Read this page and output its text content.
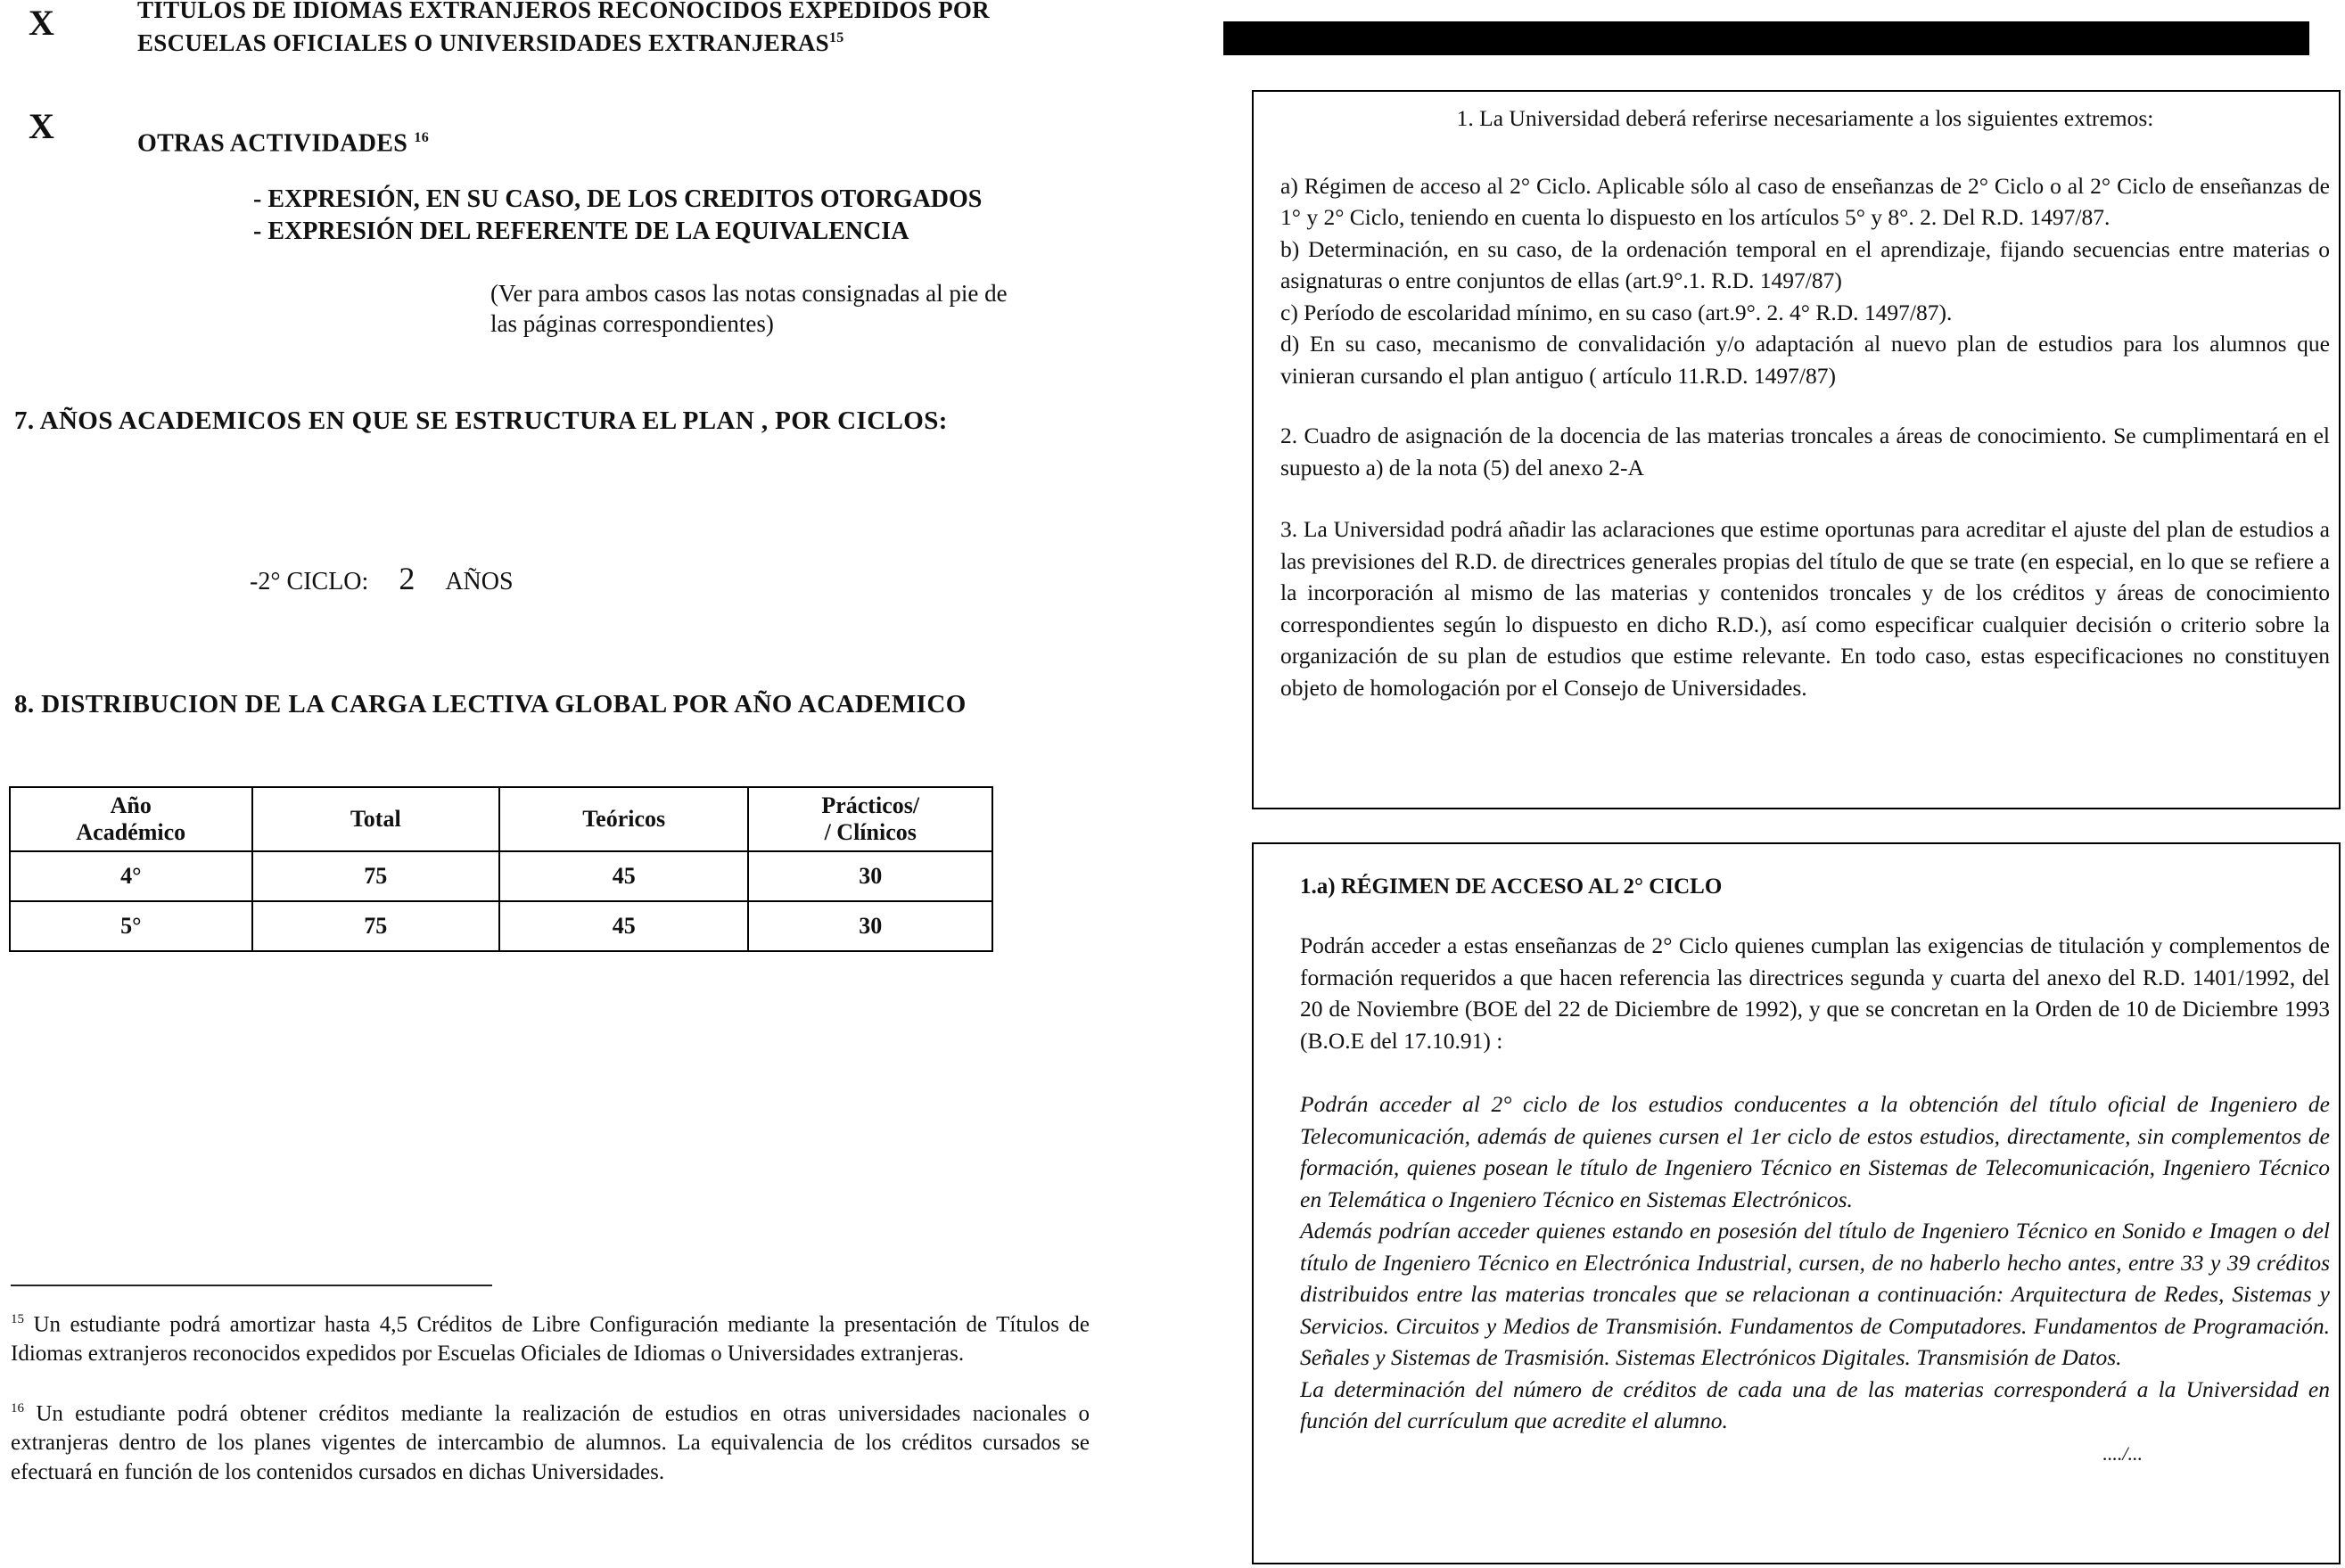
X	TITULOS DE IDIOMAS EXTRANJEROS RECONOCIDOS EXPEDIDOS POR
ESCUELAS OFICIALES O UNIVERSIDADES EXTRANJERAS$^{15}$
X	OTRAS ACTIVIDADES $^{16}$
- EXPRESIÓN, EN SU CASO, DE LOS CREDITOS OTORGADOS
- EXPRESIÓN DEL REFERENTE DE LA EQUIVALENCIA
(Ver para ambos casos las notas consignadas al pie de
las páginas correspondientes)
7. AÑOS ACADEMICOS EN QUE SE ESTRUCTURA EL PLAN , POR CICLOS:
-2° CICLO: 2 AÑOS
8. DISTRIBUCION DE LA CARGA LECTIVA GLOBAL POR AÑO ACADEMICO
Año
Académico	Total	Teóricos	Prácticos/
/ Clínicos
4°	75	45	30
5°	75	45	30
$^{15}$ Un estudiante podrá amortizar hasta 4,5 Créditos de Libre Configuración mediante la presentación de Títulos de Idiomas extranjeros reconocidos expedidos por Escuelas Oficiales de Idiomas o Universidades extranjeras.
$^{16}$ Un estudiante podrá obtener créditos mediante la realización de estudios en otras universidades nacionales o extranjeras dentro de los planes vigentes de intercambio de alumnos. La equivalencia de los créditos cursados se efectuará en función de los contenidos cursados en dichas Universidades.

1. La Universidad deberá referirse necesariamente a los siguientes extremos:

a) Régimen de acceso al 2° Ciclo. Aplicable sólo al caso de enseñanzas de 2° Ciclo o al 2° Ciclo de enseñanzas de 1° y 2° Ciclo, teniendo en cuenta lo dispuesto en los artículos 5° y 8°. 2. Del R.D. 1497/87.

b) Determinación, en su caso, de la ordenación temporal en el aprendizaje, fijando secuencias entre materias o asignaturas o entre conjuntos de ellas (art.9°.1. R.D. 1497/87)

c) Período de escolaridad mínimo, en su caso (art.9°. 2. 4° R.D. 1497/87).

d) En su caso, mecanismo de convalidación y/o adaptación al nuevo plan de estudios para los alumnos que vinieran cursando el plan antiguo ( artículo 11.R.D. 1497/87)

2. Cuadro de asignación de la docencia de las materias troncales a áreas de conocimiento. Se cumplimentará en el supuesto a) de la nota (5) del anexo 2-A

3. La Universidad podrá añadir las aclaraciones que estime oportunas para acreditar el ajuste del plan de estudios a las previsiones del R.D. de directrices generales propias del título de que se trate (en especial, en lo que se refiere a la incorporación al mismo de las materias y contenidos troncales y de los créditos y áreas de conocimiento correspondientes según lo dispuesto en dicho R.D.), así como especificar cualquier decisión o criterio sobre la organización de su plan de estudios que estime relevante. En todo caso, estas especificaciones no constituyen objeto de homologación por el Consejo de Universidades.

1.a) RÉGIMEN DE ACCESO AL 2° CICLO

Podrán acceder a estas enseñanzas de 2° Ciclo quienes cumplan las exigencias de titulación y complementos de formación requeridos a que hacen referencia las directrices segunda y cuarta del anexo del R.D. 1401/1992, del 20 de Noviembre (BOE del 22 de Diciembre de 1992), y que se concretan en la Orden de 10 de Diciembre 1993 (B.O.E del 17.10.91) :

Podrán acceder al 2° ciclo de los estudios conducentes a la obtención del título oficial de Ingeniero de Telecomunicación, además de quienes cursen el 1er ciclo de estos estudios, directamente, sin complementos de formación, quienes posean le título de Ingeniero Técnico en Sistemas de Telecomunicación, Ingeniero Técnico en Telemática o Ingeniero Técnico en Sistemas Electrónicos.

Además podrían acceder quienes estando en posesión del título de Ingeniero Técnico en Sonido e Imagen o del título de Ingeniero Técnico en Electrónica Industrial, cursen, de no haberlo hecho antes, entre 33 y 39 créditos distribuidos entre las materias troncales que se relacionan a continuación: Arquitectura de Redes, Sistemas y Servicios. Circuitos y Medios de Transmisión. Fundamentos de Computadores. Fundamentos de Programación. Señales y Sistemas de Trasmisión. Sistemas Electrónicos Digitales. Transmisión de Datos.

La determinación del número de créditos de cada una de las materias corresponderá a la Universidad en función del currículum que acredite el alumno.

..../...
